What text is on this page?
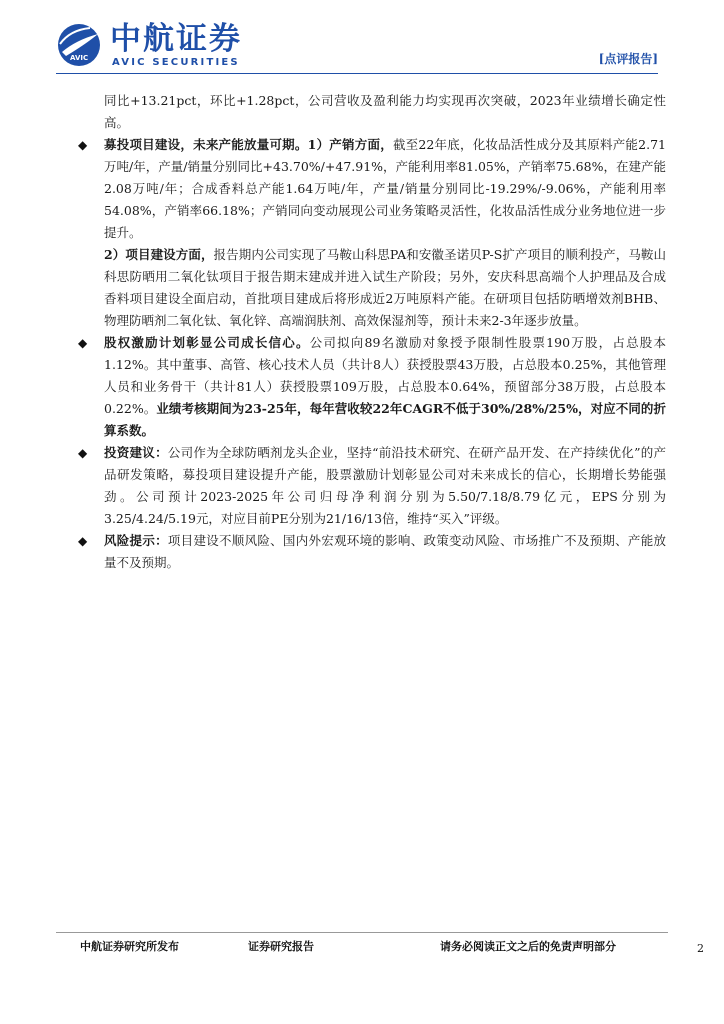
AVIC
中航证券
AVIC SECURITIES	[点评报告]

同比+13.21pct，环比+1.28pct，公司营收及盈利能力均实现再次突破，2023年业绩增长确定性高。

◆ 募投项目建设，未来产能放量可期。1）产销方面，截至22年底，化妆品活性成分及其原料产能2.71万吨/年，产量/销量分别同比+43.70%/+47.91%，产能利用率81.05%，产销率75.68%，在建产能2.08万吨/年；合成香料总产能1.64万吨/年，产量/销量分别同比-19.29%/-9.06%，产能利用率54.08%，产销率66.18%；产销同向变动展现公司业务策略灵活性，化妆品活性成分业务地位进一步提升。
2）项目建设方面，报告期内公司实现了马鞍山科思PA和安徽圣诺贝P-S扩产项目的顺利投产，马鞍山科思防晒用二氧化钛项目于报告期末建成并进入试生产阶段；另外，安庆科思高端个人护理品及合成香料项目建设全面启动，首批项目建成后将形成近2万吨原料产能。在研项目包括防晒增效剂BHB、物理防晒剂二氧化钛、氧化锌、高端润肤剂、高效保湿剂等，预计未来2-3年逐步放量。
◆ 股权激励计划彰显公司成长信心。公司拟向89名激励对象授予限制性股票190万股，占总股本1.12%。其中董事、高管、核心技术人员（共计8人）获授股票43万股，占总股本0.25%，其他管理人员和业务骨干（共计81人）获授股票109万股，占总股本0.64%，预留部分38万股，占总股本0.22%。业绩考核期间为23-25年，每年营收较22年CAGR不低于30%/28%/25%，对应不同的折算系数。
◆ 投资建议：公司作为全球防晒剂龙头企业，坚持“前沿技术研究、在研产品开发、在产持续优化”的产品研发策略，募投项目建设提升产能，股票激励计划彰显公司对未来成长的信心，长期增长势能强劲。公司预计2023-2025年公司归母净利润分别为5.50/7.18/8.79亿元，EPS分别为3.25/4.24/5.19元，对应目前PE分别为21/16/13倍，维持“买入”评级。
◆ 风险提示：项目建设不顺风险、国内外宏观环境的影响、政策变动风险、市场推广不及预期、产能放量不及预期。
中航证券研究所发布	证券研究报告	请务必阅读正文之后的免责声明部分	2
